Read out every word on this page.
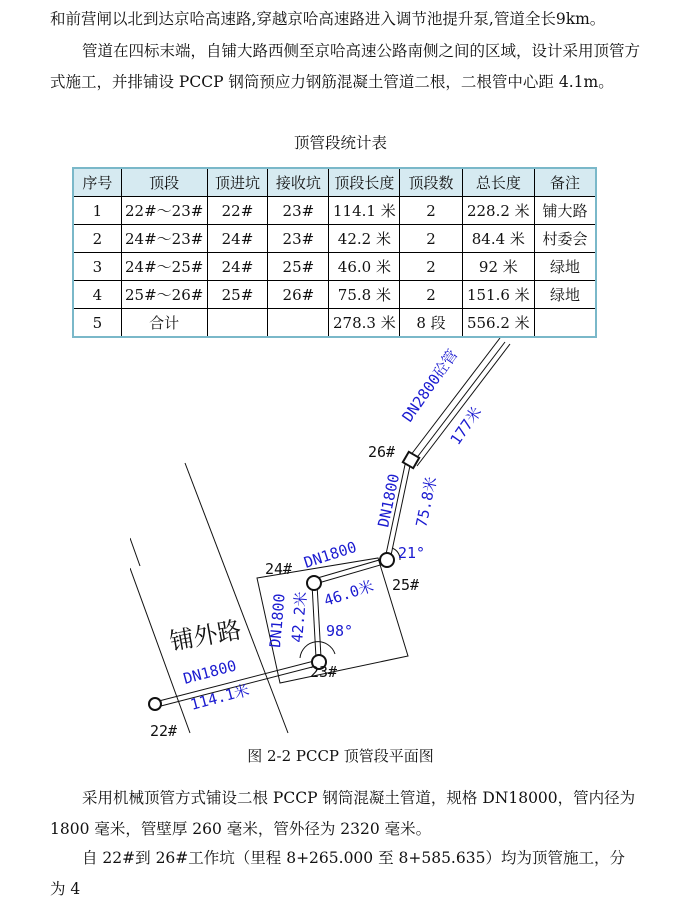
和前营闸以北到达京哈高速路,穿越京哈高速路进入调节池提升泵,管道全长9km。

管道在四标末端，自铺大路西侧至京哈高速公路南侧之间的区域，设计采用顶管方式施工，并排铺设 PCCP 钢筒预应力钢筋混凝土管道二根，二根管中心距 4.1m。

顶管段统计表
序号	顶段	顶进坑	接收坑	顶段长度	顶段数	总长度	备注
1	22#～23#	22#	23#	114.1 米	2	228.2 米	铺大路
2	24#～23#	24#	23#	42.2 米	2	84.4 米	村委会
3	24#～25#	24#	25#	46.0 米	2	92 米	绿地
4	25#～26#	25#	26#	75.8 米	2	151.6 米	绿地
5	合计			278.3 米	8 段	556.2 米	
铺外路
22#
23#
24#
25#
26#
DN1800
114.1米
DN1800 42.2米
DN1800
46.0米
DN1800 75.8米
DN2800砼管
177米
98°
21°
图 2-2 PCCP 顶管段平面图

采用机械顶管方式铺设二根 PCCP 钢筒混凝土管道，规格 DN18000，管内径为 1800 毫米，管壁厚 260 毫米，管外径为 2320 毫米。

自 22#到 26#工作坑（里程 8+265.000 至 8+585.635）均为顶管施工，分为 4
